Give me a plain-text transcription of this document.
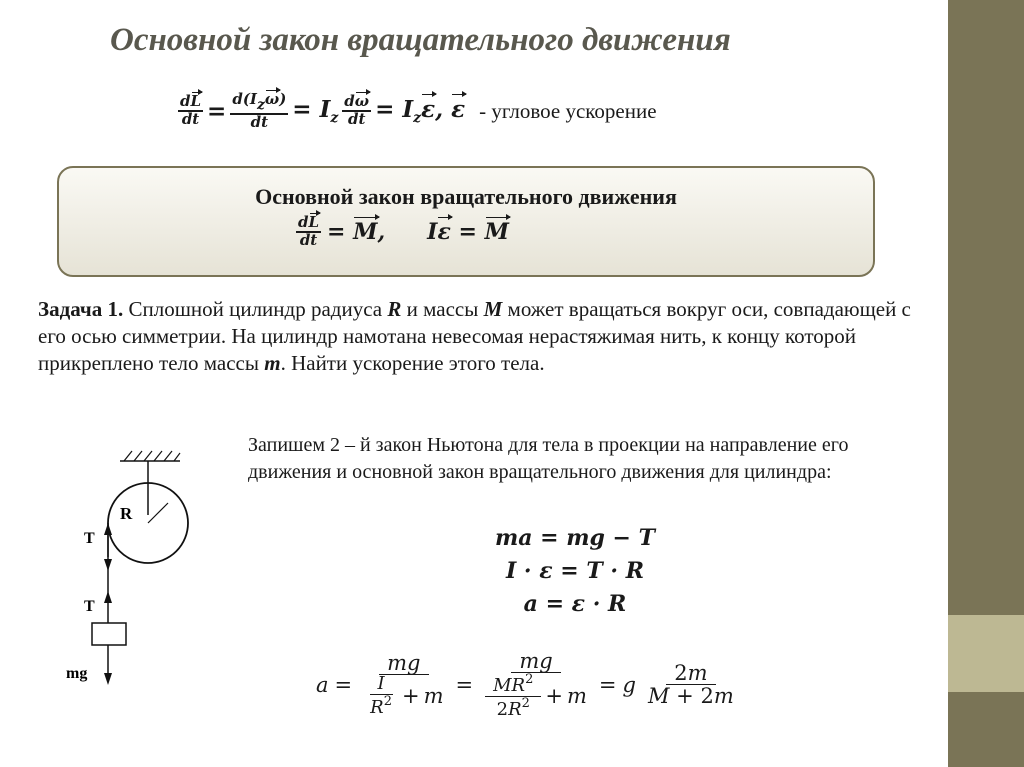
Основной закон вращательного движения
$\frac{dL}{dt} = \frac{\text{d(Izω)}}{dt} = I_z \frac{d\omega}{dt} = I_z\varepsilon$, ε - угловое ускорение
Основной закон вращательного движения
$\frac{dL}{dt} = M$, Iε = M
Задача 1. Сплошной цилиндр радиуса R и массы M может вращаться вокруг оси, совпадающей с его осью симметрии. На цилиндр намотана невесомая нерастяжимая нить, к концу которой прикреплено тело массы m. Найти ускорение этого тела.
Запишем 2 – й закон Ньютона для тела в проекции на направление его движения и основной закон вращательного движения для цилиндра:
ma = mg − T
I · ε = T · R
a = ε · R
$a = \frac{mg}{\frac{I}{R^2} + m} = \frac{mg}{\frac{MR^2}{2R^2} + m} = g \frac{2m}{M + 2m}$
R
T
T
mg
